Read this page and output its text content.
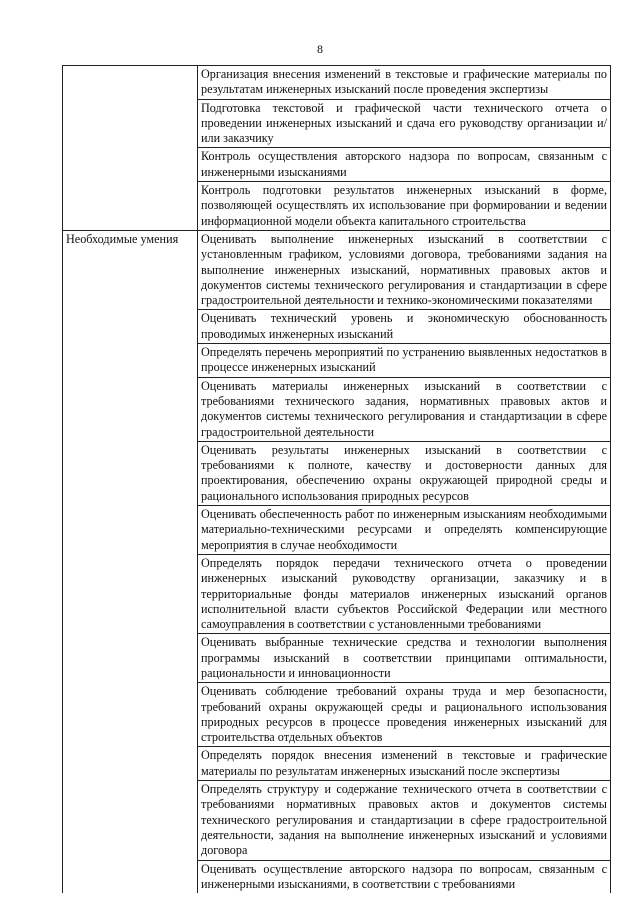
8
	Организация внесения изменений в текстовые и графические материалы по результатам инженерных изысканий после проведения экспертизы
	Подготовка текстовой и графической части технического отчета о проведении инженерных изысканий и сдача его руководству организации и/или заказчику
	Контроль осуществления авторского надзора по вопросам, связанным с инженерными изысканиями
	Контроль подготовки результатов инженерных изысканий в форме, позволяющей осуществлять их использование при формировании и ведении информационной модели объекта капитального строительства
Необходимые умения	Оценивать выполнение инженерных изысканий в соответствии с установленным графиком, условиями договора, требованиями задания на выполнение инженерных изысканий, нормативных правовых актов и документов системы технического регулирования и стандартизации в сфере градостроительной деятельности и технико-экономическими показателями
	Оценивать технический уровень и экономическую обоснованность проводимых инженерных изысканий
	Определять перечень мероприятий по устранению выявленных недостатков в процессе инженерных изысканий
	Оценивать материалы инженерных изысканий в соответствии с требованиями технического задания, нормативных правовых актов и документов системы технического регулирования и стандартизации в сфере градостроительной деятельности
	Оценивать результаты инженерных изысканий в соответствии с требованиями к полноте, качеству и достоверности данных для проектирования, обеспечению охраны окружающей природной среды и рационального использования природных ресурсов
	Оценивать обеспеченность работ по инженерным изысканиям необходимыми материально-техническими ресурсами и определять компенсирующие мероприятия в случае необходимости
	Определять порядок передачи технического отчета о проведении инженерных изысканий руководству организации, заказчику и в территориальные фонды материалов инженерных изысканий органов исполнительной власти субъектов Российской Федерации или местного самоуправления в соответствии с установленными требованиями
	Оценивать выбранные технические средства и технологии выполнения программы изысканий в соответствии принципами оптимальности, рациональности и инновационности
	Оценивать соблюдение требований охраны труда и мер безопасности, требований охраны окружающей среды и рационального использования природных ресурсов в процессе проведения инженерных изысканий для строительства отдельных объектов
	Определять порядок внесения изменений в текстовые и графические материалы по результатам инженерных изысканий после экспертизы
	Определять структуру и содержание технического отчета в соответствии с требованиями нормативных правовых актов и документов системы технического регулирования и стандартизации в сфере градостроительной деятельности, задания на выполнение инженерных изысканий и условиями договора
	Оценивать осуществление авторского надзора по вопросам, связанным с инженерными изысканиями, в соответствии с требованиями
